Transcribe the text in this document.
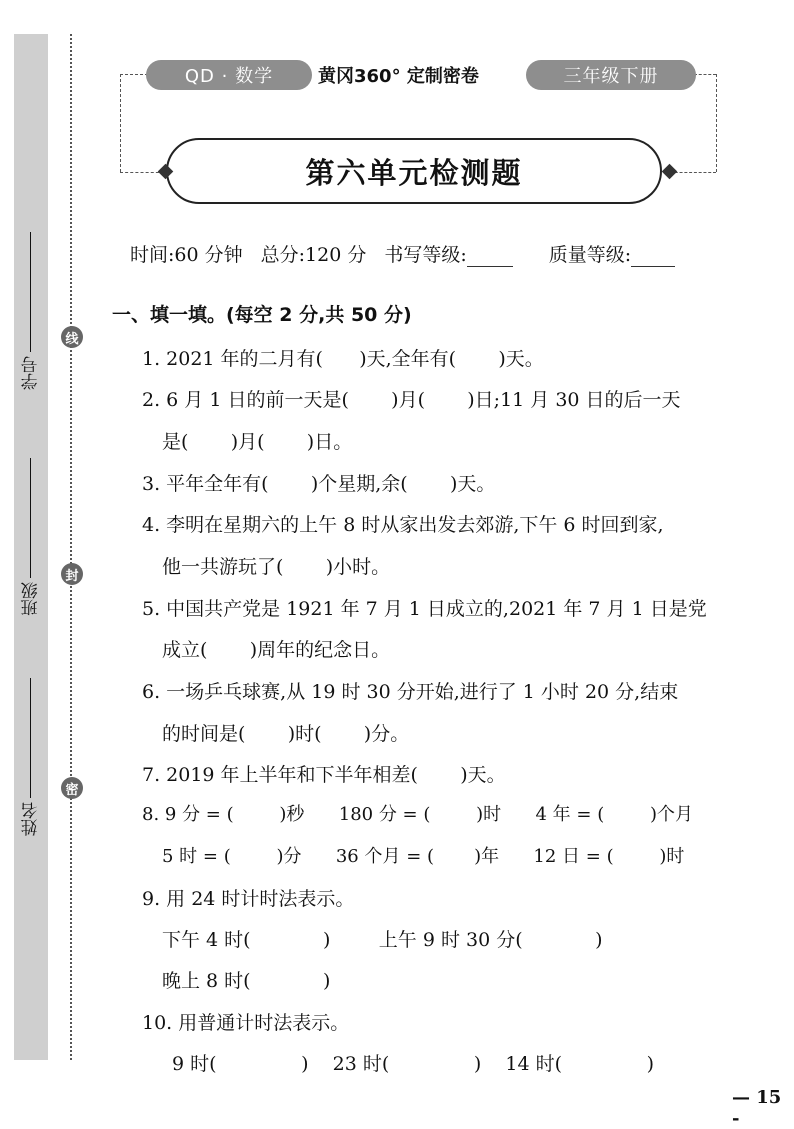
学号
班级
姓名
线
封
密
QD · 数学	黄冈360° 定制密卷	三年级下册
第六单元检测题
时间:60 分钟 总分:120 分 书写等级:	质量等级:
一、填一填。(每空 2 分,共 50 分)
1. 2021 年的二月有(      )天,全年有(       )天。
2. 6 月 1 日的前一天是(       )月(       )日;11 月 30 日的后一天
是(       )月(       )日。
3. 平年全年有(       )个星期,余(       )天。
4. 李明在星期六的上午 8 时从家出发去郊游,下午 6 时回到家,
他一共游玩了(       )小时。
5. 中国共产党是 1921 年 7 月 1 日成立的,2021 年 7 月 1 日是党
成立(       )周年的纪念日。
6. 一场乒乓球赛,从 19 时 30 分开始,进行了 1 小时 20 分,结束
的时间是(       )时(       )分。
7. 2019 年上半年和下半年相差(       )天。
8. 9 分 = (        )秒      180 分 = (        )时      4 年 = (        )个月
5 时 = (        )分      36 个月 = (       )年      12 日 = (        )时
9. 用 24 时计时法表示。
下午 4 时(            )        上午 9 时 30 分(            )
晚上 8 时(            )
10. 用普通计时法表示。
9 时(              )    23 时(              )    14 时(              )
— 15 -
